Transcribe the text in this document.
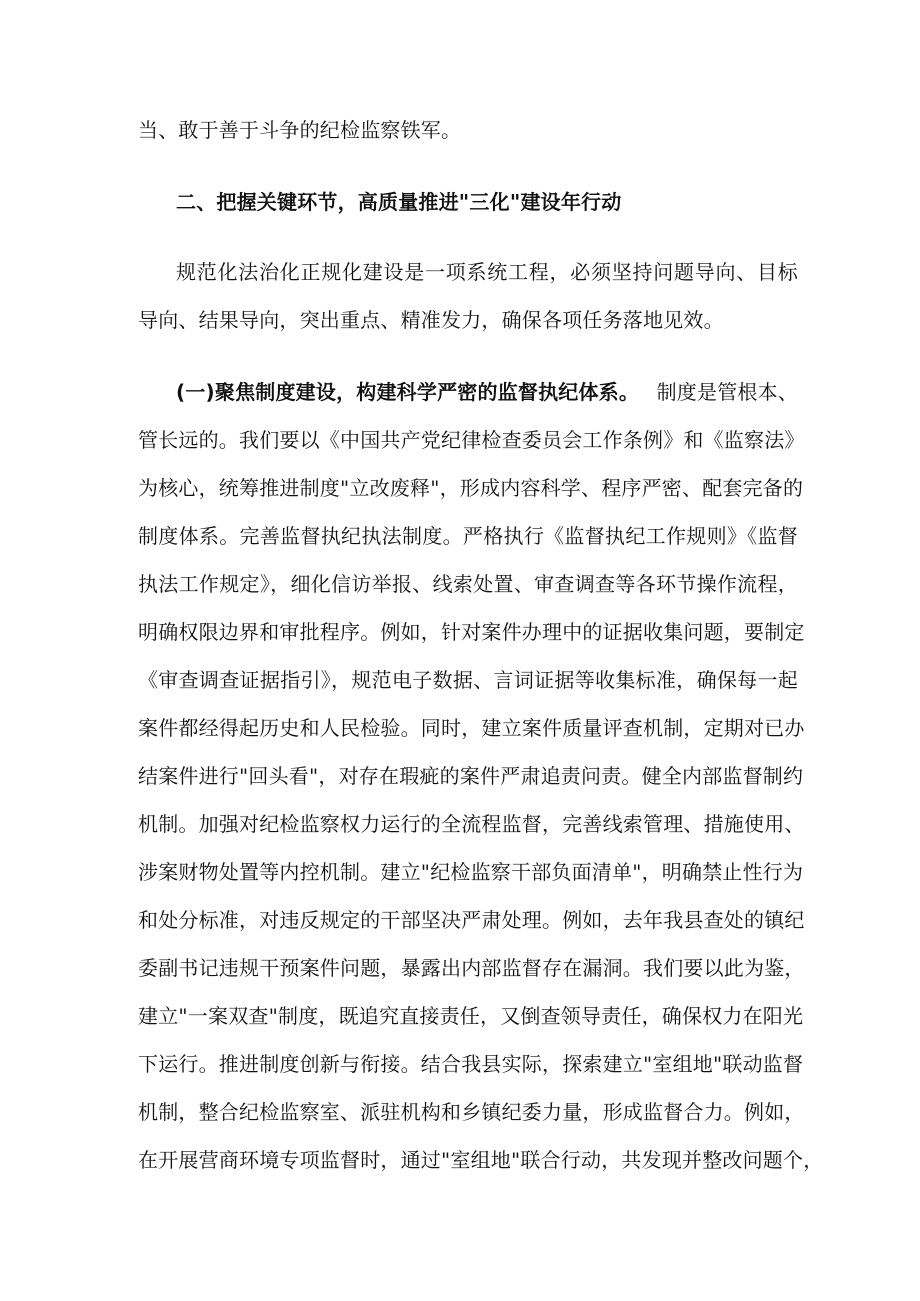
当、敢于善于斗争的纪检监察铁军。
二、把握关键环节，高质量推进"三化"建设年行动
规范化法治化正规化建设是一项系统工程，必须坚持问题导向、目标
导向、结果导向，突出重点、精准发力，确保各项任务落地见效。
(一)聚焦制度建设，构建科学严密的监督执纪体系。 制度是管根本、
管长远的。我们要以《中国共产党纪律检查委员会工作条例》和《监察法》
为核心，统筹推进制度"立改废释"，形成内容科学、程序严密、配套完备的
制度体系。完善监督执纪执法制度。严格执行《监督执纪工作规则》《监督
执法工作规定》，细化信访举报、线索处置、审查调查等各环节操作流程，
明确权限边界和审批程序。例如，针对案件办理中的证据收集问题，要制定
《审查调查证据指引》，规范电子数据、言词证据等收集标准，确保每一起
案件都经得起历史和人民检验。同时，建立案件质量评查机制，定期对已办
结案件进行"回头看"，对存在瑕疵的案件严肃追责问责。健全内部监督制约
机制。加强对纪检监察权力运行的全流程监督，完善线索管理、措施使用、
涉案财物处置等内控机制。建立"纪检监察干部负面清单"，明确禁止性行为
和处分标准，对违反规定的干部坚决严肃处理。例如，去年我县查处的镇纪
委副书记违规干预案件问题，暴露出内部监督存在漏洞。我们要以此为鉴，
建立"一案双查"制度，既追究直接责任，又倒查领导责任，确保权力在阳光
下运行。推进制度创新与衔接。结合我县实际，探索建立"室组地"联动监督
机制，整合纪检监察室、派驻机构和乡镇纪委力量，形成监督合力。例如，
在开展营商环境专项监督时，通过"室组地"联合行动，共发现并整改问题个，
